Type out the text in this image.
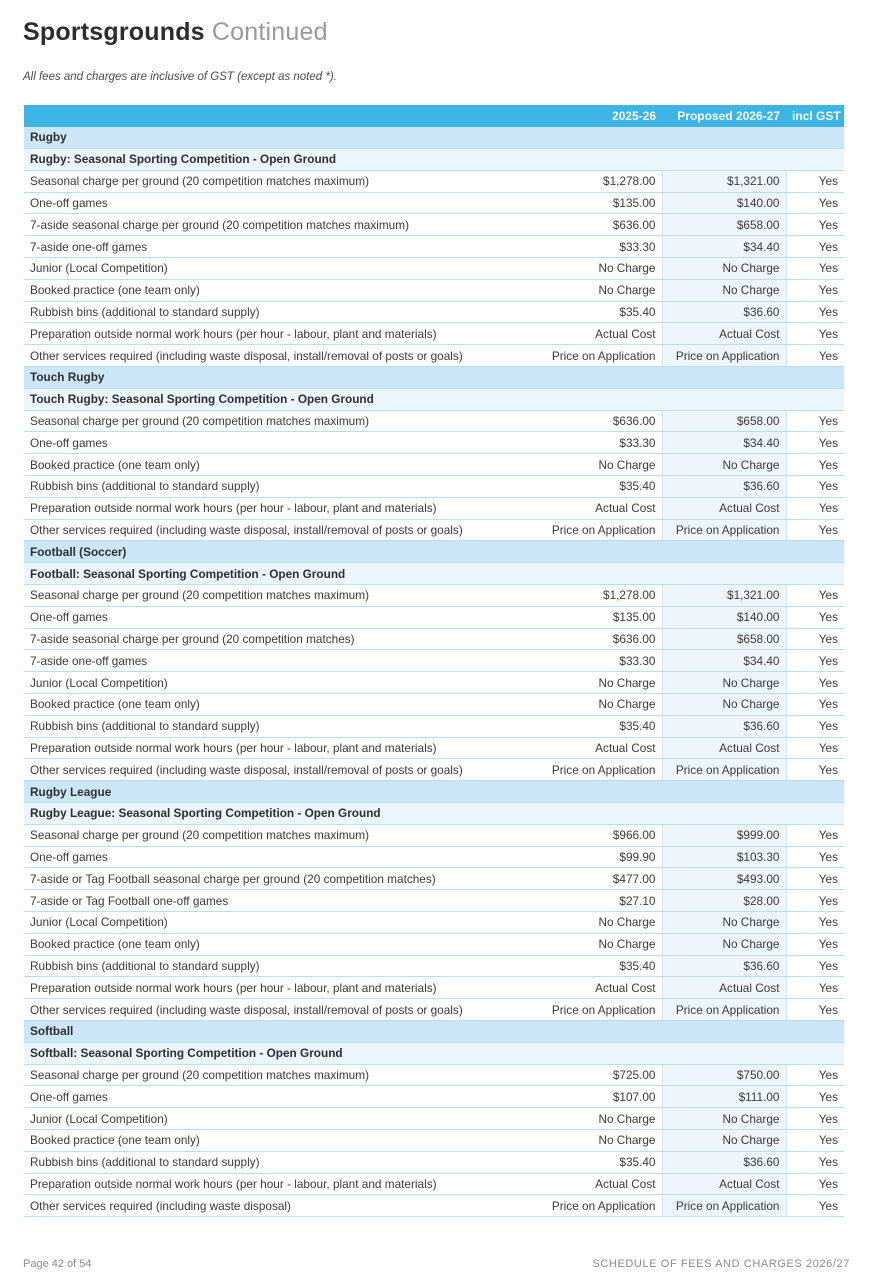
Sportsgrounds Continued
All fees and charges are inclusive of GST (except as noted *).
	2025-26	Proposed 2026-27	incl GST
Rugby			
Rugby: Seasonal Sporting Competition - Open Ground			
Seasonal charge per ground (20 competition matches maximum)	$1,278.00	$1,321.00	Yes
One-off games	$135.00	$140.00	Yes
7-aside seasonal charge per ground (20 competition matches maximum)	$636.00	$658.00	Yes
7-aside one-off games	$33.30	$34.40	Yes
Junior (Local Competition)	No Charge	No Charge	Yes
Booked practice (one team only)	No Charge	No Charge	Yes
Rubbish bins (additional to standard supply)	$35.40	$36.60	Yes
Preparation outside normal work hours (per hour - labour, plant and materials)	Actual Cost	Actual Cost	Yes
Other services required (including waste disposal, install/removal of posts or goals)	Price on Application	Price on Application	Yes
Touch Rugby			
Touch Rugby: Seasonal Sporting Competition - Open Ground			
Seasonal charge per ground (20 competition matches maximum)	$636.00	$658.00	Yes
One-off games	$33.30	$34.40	Yes
Booked practice (one team only)	No Charge	No Charge	Yes
Rubbish bins (additional to standard supply)	$35.40	$36.60	Yes
Preparation outside normal work hours (per hour - labour, plant and materials)	Actual Cost	Actual Cost	Yes
Other services required (including waste disposal, install/removal of posts or goals)	Price on Application	Price on Application	Yes
Football (Soccer)			
Football: Seasonal Sporting Competition - Open Ground			
Seasonal charge per ground (20 competition matches maximum)	$1,278.00	$1,321.00	Yes
One-off games	$135.00	$140.00	Yes
7-aside seasonal charge per ground (20 competition matches)	$636.00	$658.00	Yes
7-aside one-off games	$33.30	$34.40	Yes
Junior (Local Competition)	No Charge	No Charge	Yes
Booked practice (one team only)	No Charge	No Charge	Yes
Rubbish bins (additional to standard supply)	$35.40	$36.60	Yes
Preparation outside normal work hours (per hour - labour, plant and materials)	Actual Cost	Actual Cost	Yes
Other services required (including waste disposal, install/removal of posts or goals)	Price on Application	Price on Application	Yes
Rugby League			
Rugby League: Seasonal Sporting Competition - Open Ground			
Seasonal charge per ground (20 competition matches maximum)	$966.00	$999.00	Yes
One-off games	$99.90	$103.30	Yes
7-aside or Tag Football seasonal charge per ground (20 competition matches)	$477.00	$493.00	Yes
7-aside or Tag Football one-off games	$27.10	$28.00	Yes
Junior (Local Competition)	No Charge	No Charge	Yes
Booked practice (one team only)	No Charge	No Charge	Yes
Rubbish bins (additional to standard supply)	$35.40	$36.60	Yes
Preparation outside normal work hours (per hour - labour, plant and materials)	Actual Cost	Actual Cost	Yes
Other services required (including waste disposal, install/removal of posts or goals)	Price on Application	Price on Application	Yes
Softball			
Softball: Seasonal Sporting Competition - Open Ground			
Seasonal charge per ground (20 competition matches maximum)	$725.00	$750.00	Yes
One-off games	$107.00	$111.00	Yes
Junior (Local Competition)	No Charge	No Charge	Yes
Booked practice (one team only)	No Charge	No Charge	Yes
Rubbish bins (additional to standard supply)	$35.40	$36.60	Yes
Preparation outside normal work hours (per hour - labour, plant and materials)	Actual Cost	Actual Cost	Yes
Other services required (including waste disposal)	Price on Application	Price on Application	Yes
Page 42 of 54	SCHEDULE OF FEES AND CHARGES 2026/27
